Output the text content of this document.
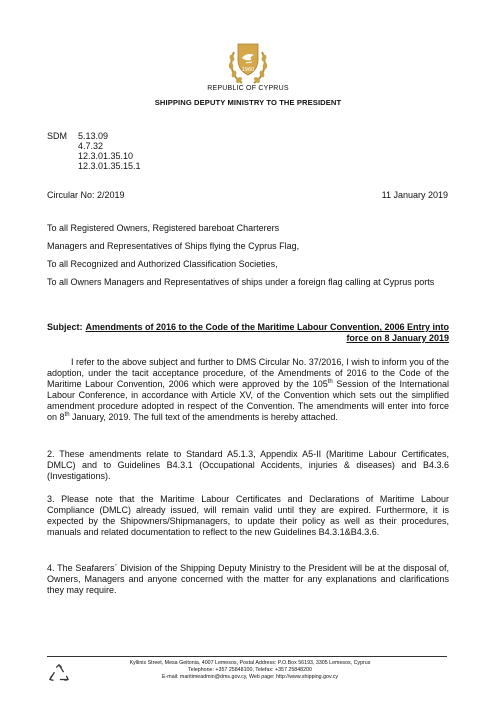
1960
REPUBLIC OF CYPRUS
SHIPPING DEPUTY MINISTRY TO THE PRESIDENT
SDM 5.13.09
4.7.32
12.3.01.35.10
12.3.01.35.15.1
Circular No: 2/2019	11 January 2019
To all Registered Owners, Registered bareboat Charterers
Managers and Representatives of Ships flying the Cyprus Flag,
To all Recognized and Authorized Classification Societies,
To all Owners Managers and Representatives of ships under a foreign flag calling at Cyprus ports
Subject: Amendments of 2016 to the Code of the Maritime Labour Convention, 2006 Entry into force on 8 January 2019
I refer to the above subject and further to DMS Circular No. 37/2016, I wish to inform you of the adoption, under the tacit acceptance procedure, of the Amendments of 2016 to the Code of the Maritime Labour Convention, 2006 which were approved by the 105th Session of the International Labour Conference, in accordance with Article XV, of the Convention which sets out the simplified amendment procedure adopted in respect of the Convention. The amendments will enter into force on 8th January, 2019. The full text of the amendments is hereby attached.
2. These amendments relate to Standard A5.1.3, Appendix A5-II (Maritime Labour Certificates, DMLC) and to Guidelines B4.3.1 (Occupational Accidents, injuries & diseases) and B4.3.6 (Investigations).
3. Please note that the Maritime Labour Certificates and Declarations of Maritime Labour Compliance (DMLC) already issued, will remain valid until they are expired. Furthermore, it is expected by the Shipowners/Shipmanagers, to update their policy as well as their procedures, manuals and related documentation to reflect to the new Guidelines B4.3.1&B4.3.6.
4. The Seafarers΄ Division of the Shipping Deputy Ministry to the President will be at the disposal of, Owners, Managers and anyone concerned with the matter for any explanations and clarifications they may require.
Kyllinis Street, Mesa Geitonia, 4007 Lemesos, Postal Address: P.O.Box 56193, 3305 Lemesos, Cyprus
Telephone: +357 25848100, Telefax: +357 25848200
E-mail: maritimeadmin@dms.gov.cy, Web page: http://www.shipping.gov.cy
